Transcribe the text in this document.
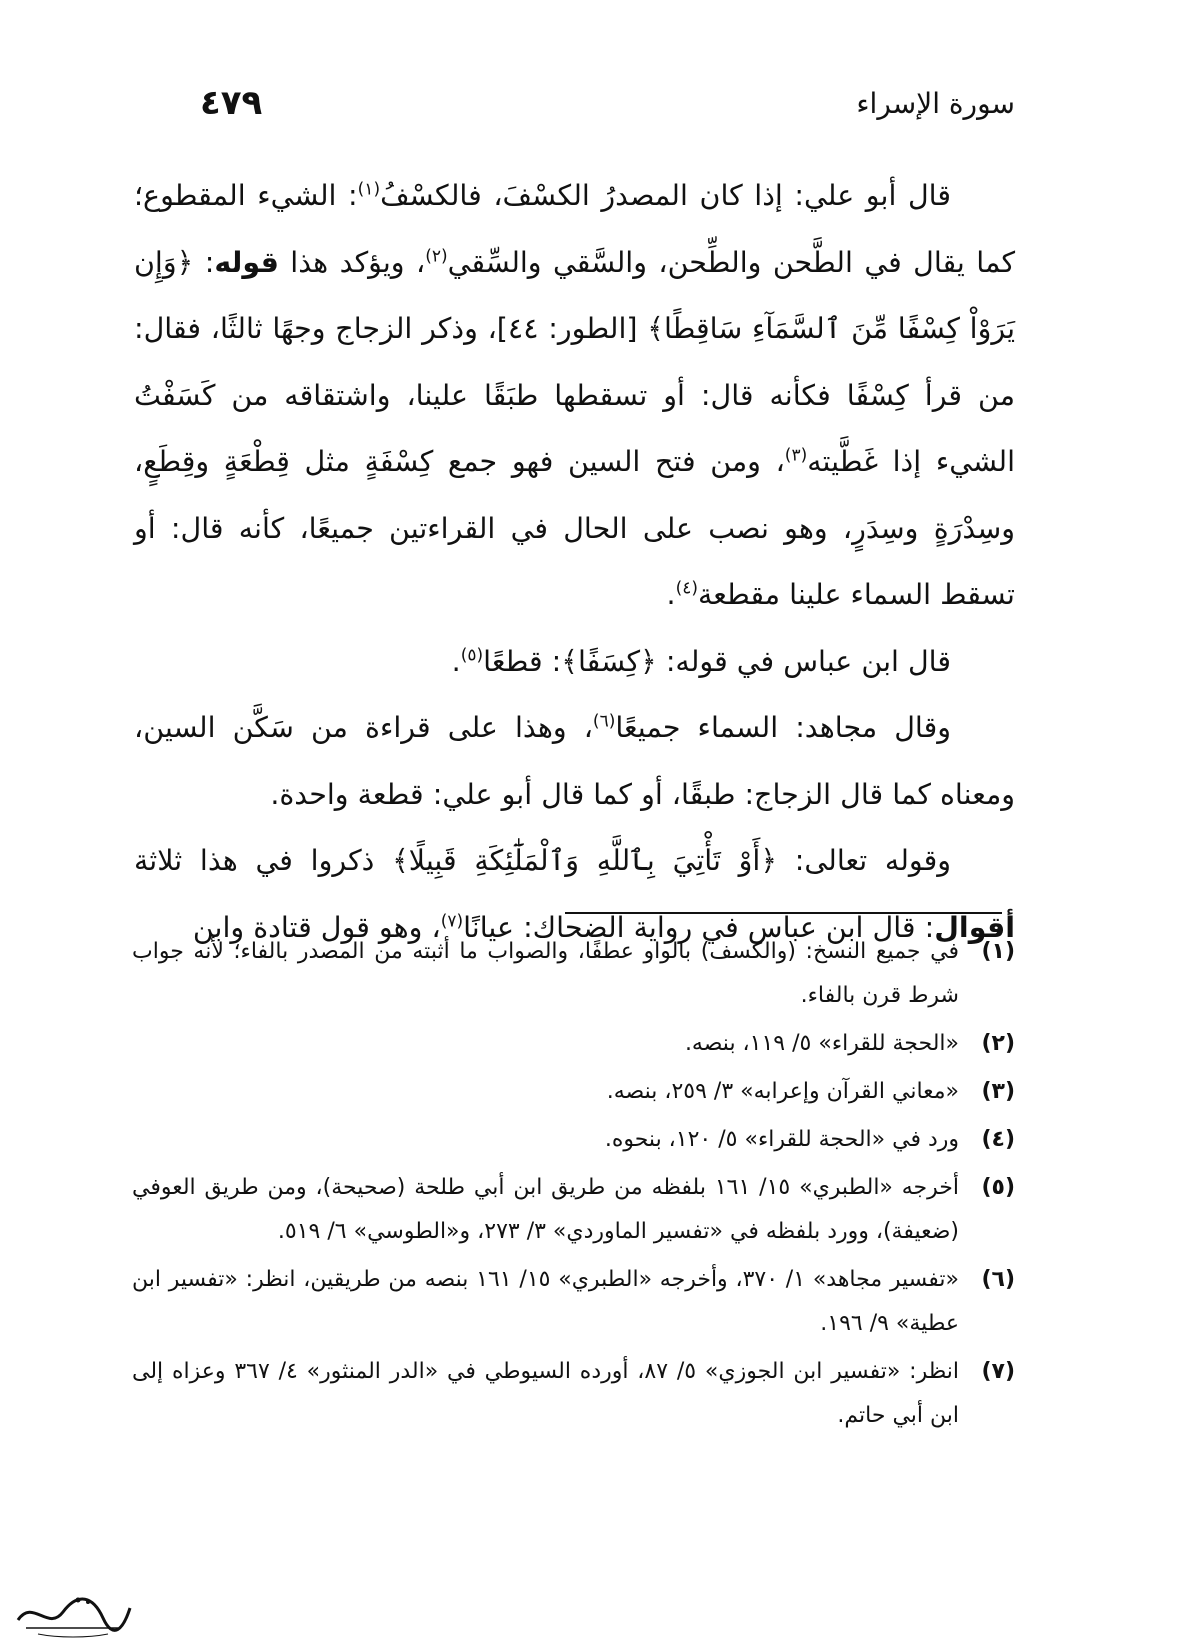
سورة الإسراء
٤٧٩

قال أبو علي: إذا كان المصدرُ الكسْفَ، فالكسْفُ$^{(١)}$: الشيء المقطوع؛ كما يقال في الطَّحن والطِّحن، والسَّقي والسِّقي$^{(٢)}$، ويؤكد هذا قوله: ﴿وَإِن يَرَوْاْ كِسْفًا مِّنَ ٱلسَّمَآءِ سَاقِطًا﴾ [الطور: ٤٤]، وذكر الزجاج وجهًا ثالثًا، فقال: من قرأ كِسْفًا فكأنه قال: أو تسقطها طبَقًا علينا، واشتقاقه من كَسَفْتُ الشيء إذا غَطَّيته$^{(٣)}$، ومن فتح السين فهو جمع كِسْفَةٍ مثل قِطْعَةٍ وقِطَعٍ، وسِدْرَةٍ وسِدَرٍ، وهو نصب على الحال في القراءتين جميعًا، كأنه قال: أو تسقط السماء علينا مقطعة$^{(٤)}$.

قال ابن عباس في قوله: ﴿كِسَفًا﴾: قطعًا$^{(٥)}$.

وقال مجاهد: السماء جميعًا$^{(٦)}$، وهذا على قراءة من سَكَّن السين، ومعناه كما قال الزجاج: طبقًا، أو كما قال أبو علي: قطعة واحدة.

وقوله تعالى: ﴿أَوْ تَأْتِيَ بِٱللَّهِ وَٱلْمَلَٰٓئِكَةِ قَبِيلًا﴾ ذكروا في هذا ثلاثة أقوال: قال ابن عباس في رواية الضحاك: عيانًا$^{(٧)}$، وهو قول قتادة وابن

(١)
في جميع النسخ: (والكسف) بالواو عطفًا، والصواب ما أثبته من المصدر بالفاء؛ لأنه جواب شرط قرن بالفاء.
(٢)
«الحجة للقراء» ٥/ ١١٩، بنصه.
(٣)
«معاني القرآن وإعرابه» ٣/ ٢٥٩، بنصه.
(٤)
ورد في «الحجة للقراء» ٥/ ١٢٠، بنحوه.
(٥)
أخرجه «الطبري» ١٥/ ١٦١ بلفظه من طريق ابن أبي طلحة (صحيحة)، ومن طريق العوفي (ضعيفة)، وورد بلفظه في «تفسير الماوردي» ٣/ ٢٧٣، و«الطوسي» ٦/ ٥١٩.
(٦)
«تفسير مجاهد» ١/ ٣٧٠، وأخرجه «الطبري» ١٥/ ١٦١ بنصه من طريقين، انظر: «تفسير ابن عطية» ٩/ ١٩٦.
(٧)
انظر: «تفسير ابن الجوزي» ٥/ ٨٧، أورده السيوطي في «الدر المنثور» ٤/ ٣٦٧ وعزاه إلى ابن أبي حاتم.
